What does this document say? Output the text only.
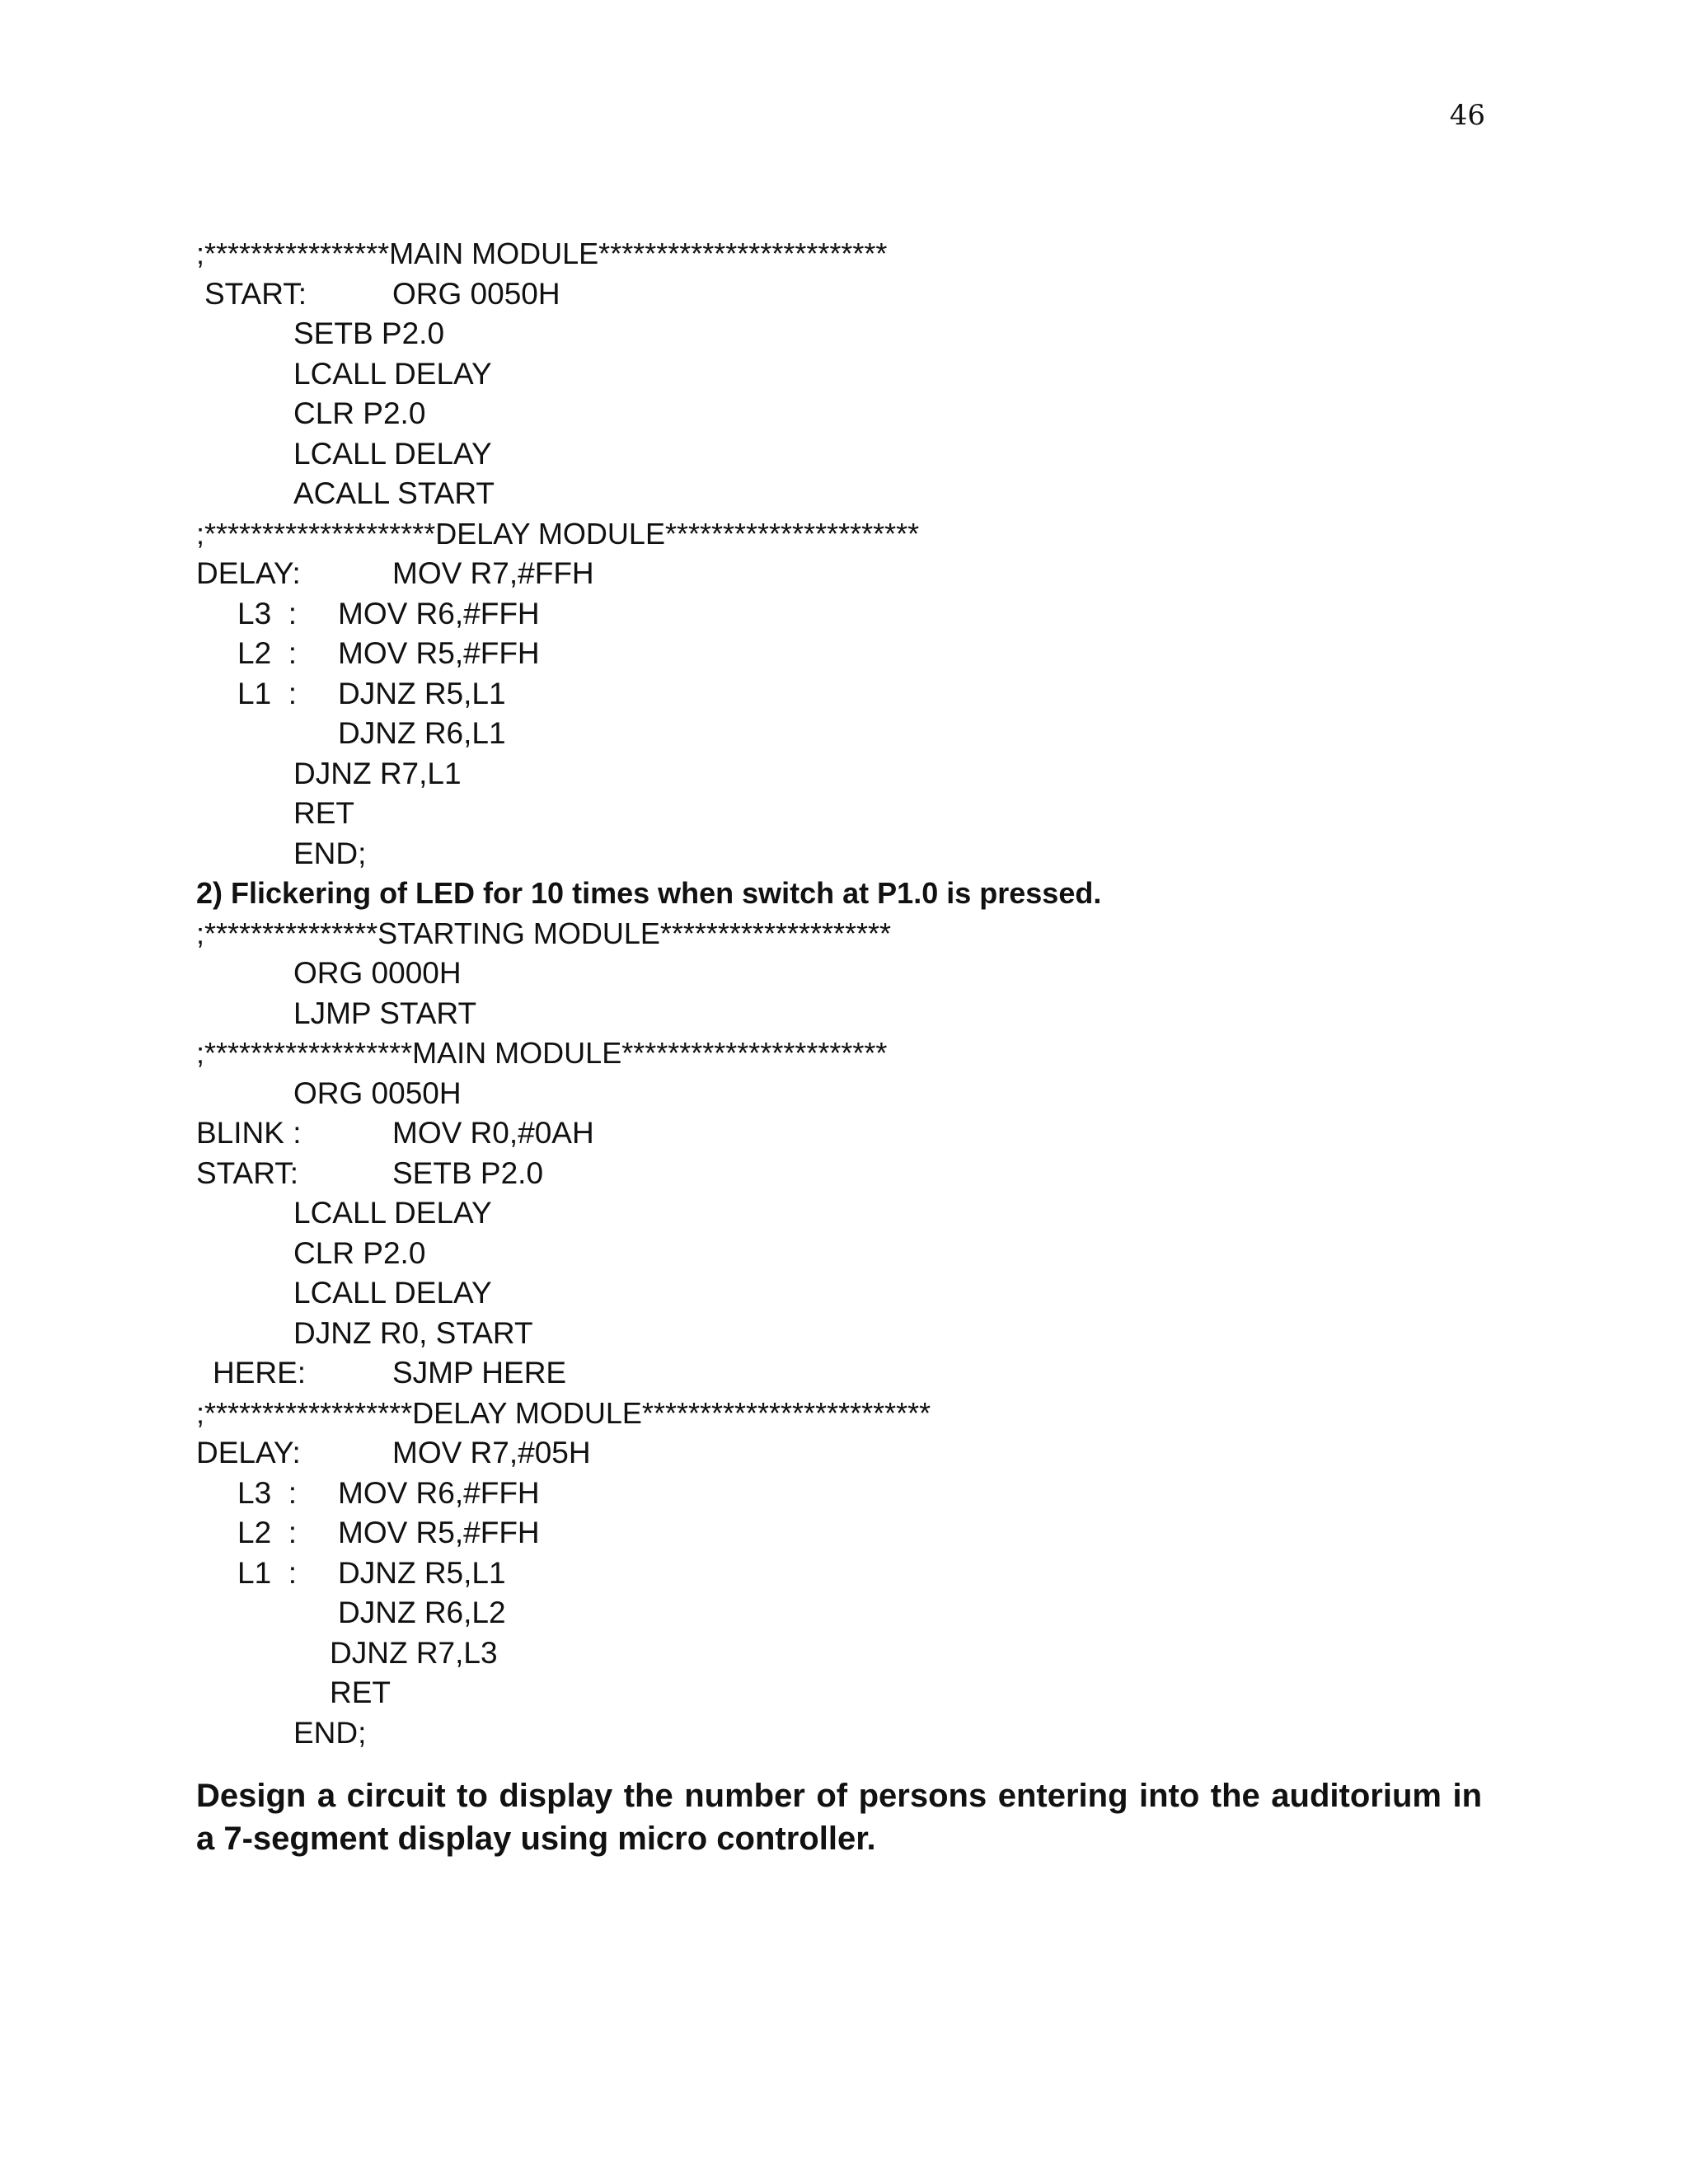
46
;****************MAIN MODULE*************************

START:

	ORG 0050H

SETB P2.0
LCALL DELAY
CLR P2.0
LCALL DELAY
ACALL START
;********************DELAY MODULE**********************

DELAY:

	MOV R7,#FFH

L3  :

MOV R6,#FFH

L2  :

MOV R5,#FFH

L1  :

DJNZ R5,L1

DJNZ R6,L1
DJNZ R7,L1
RET
END;
2) Flickering of LED for 10 times when switch at P1.0 is pressed.
;***************STARTING MODULE********************
ORG 0000H
LJMP START
;******************MAIN MODULE***********************
ORG 0050H

BLINK :

	MOV R0,#0AH

START:

	SETB P2.0

LCALL DELAY
CLR P2.0
LCALL DELAY
DJNZ R0, START

HERE:

	SJMP HERE

;******************DELAY MODULE*************************

DELAY:

	MOV R7,#05H

L3  :

MOV R6,#FFH

L2  :

MOV R5,#FFH

L1  :

DJNZ R5,L1

DJNZ R6,L2
DJNZ R7,L3
RET
END;
Design a circuit to display the number of persons entering into the auditorium in a 7-segment display using micro controller.
